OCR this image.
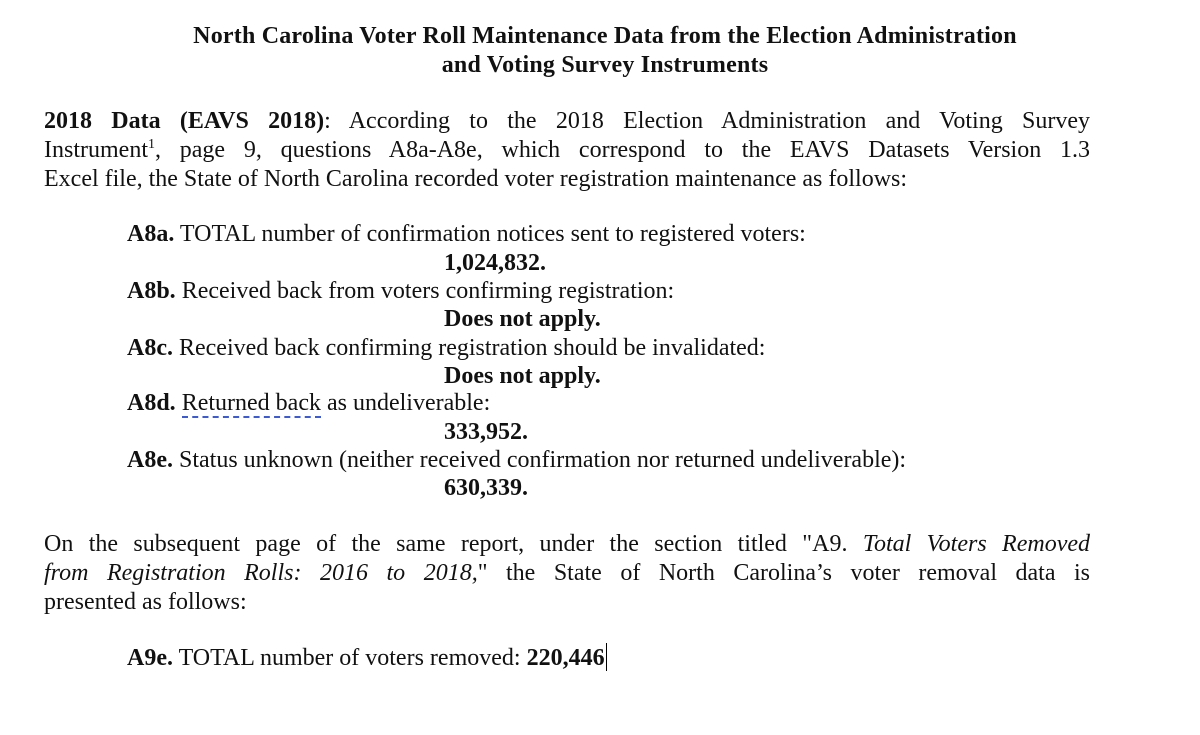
North Carolina Voter Roll Maintenance Data from the Election Administration
and Voting Survey Instruments
2018 Data (EAVS 2018): According to the 2018 Election Administration and Voting Survey
Instrument$^1$, page 9, questions A8a-A8e, which correspond to the EAVS Datasets Version 1.3
Excel file, the State of North Carolina recorded voter registration maintenance as follows:
A8a. TOTAL number of confirmation notices sent to registered voters:
1,024,832.
A8b. Received back from voters confirming registration:
Does not apply.
A8c. Received back confirming registration should be invalidated:
Does not apply.
A8d. Returned back as undeliverable:
333,952.
A8e. Status unknown (neither received confirmation nor returned undeliverable):
630,339.
On the subsequent page of the same report, under the section titled "A9. Total Voters Removed
from Registration Rolls: 2016 to 2018," the State of North Carolina’s voter removal data is
presented as follows:
A9e. TOTAL number of voters removed: 220,446
